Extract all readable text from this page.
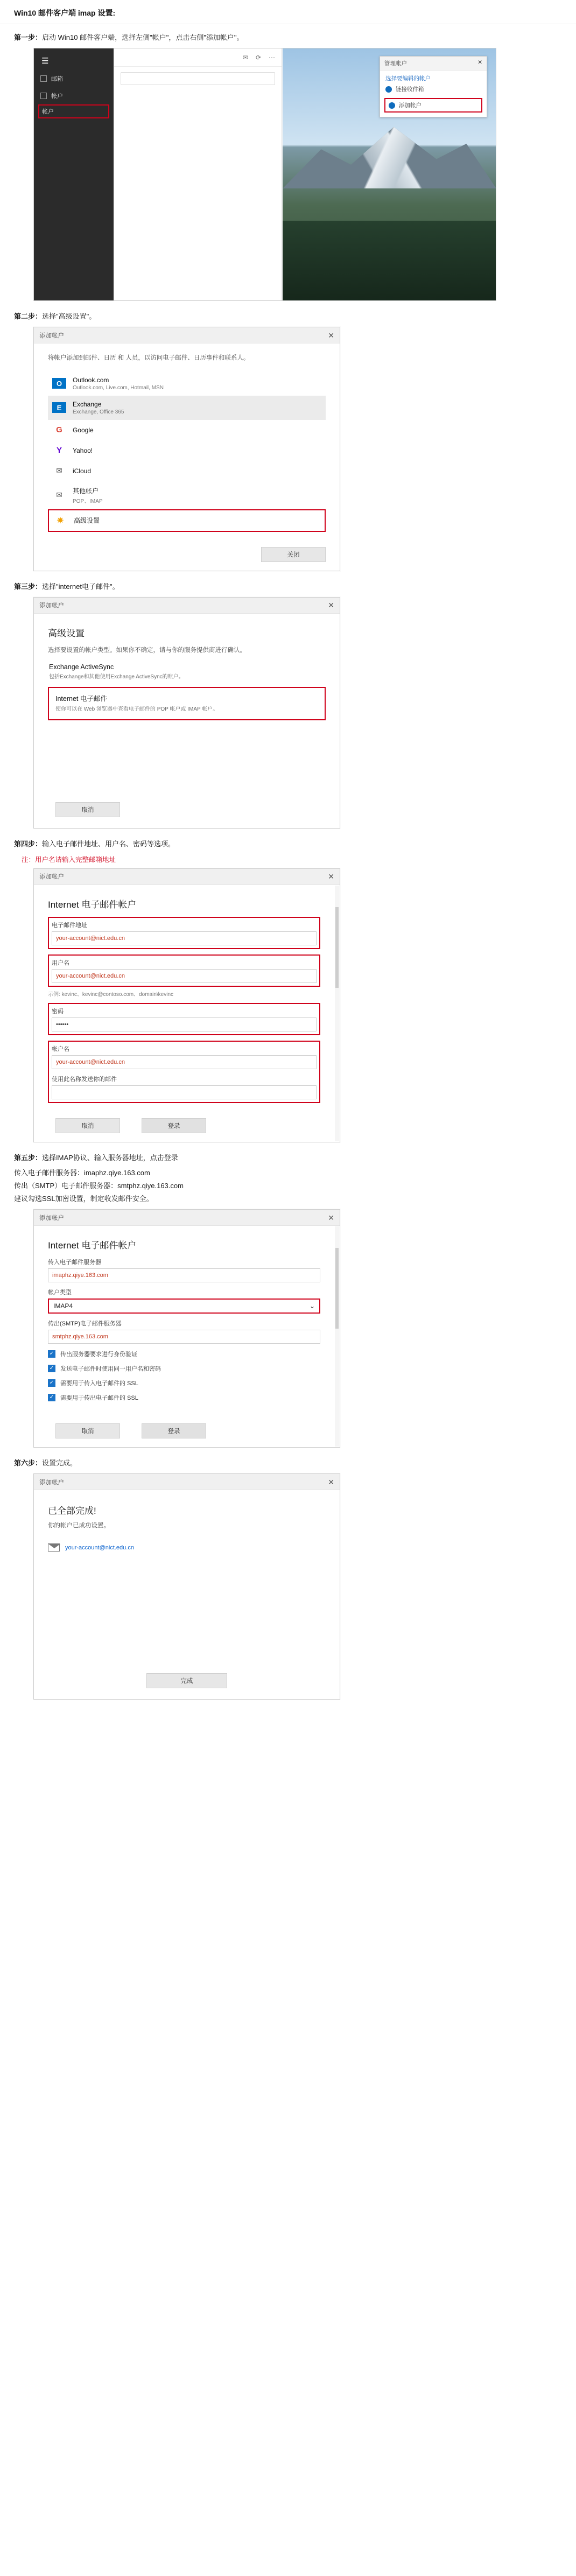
Win10 邮件客户端 imap 设置:
第一步：启动 Win10 邮件客户端，选择左侧"帐户"，点击右侧"添加帐户"。
☰
邮箱
帐户
帐户
✉ ⟳ ⋯
管理帐户	✕
选择要编辑的帐户
链接收件箱
添加帐户
第二步：选择"高级设置"。
添加帐户	✕
将帐户添加到邮件、日历 和 人员，以访问电子邮件、日历事件和联系人。
O	Outlook.com
Outlook.com, Live.com, Hotmail, MSN
E	Exchange
Exchange, Office 365
G	Google
Y	Yahoo!
✉	iCloud
✉	其他帐户
POP、IMAP
✷	高级设置
关闭
第三步：选择"internet电子邮件"。
添加帐户	✕
高级设置
选择要设置的帐户类型。如果你不确定，请与你的服务提供商进行确认。
Exchange ActiveSync
包括Exchange和其他使用Exchange ActiveSync的账户。
Internet 电子邮件
使你可以在 Web 浏览器中查看电子邮件的 POP 帐户或 IMAP 帐户。
取消
第四步：输入电子邮件地址、用户名、密码等选项。
注：用户名请输入完整邮箱地址
添加帐户	✕
Internet 电子邮件帐户
电子邮件地址
your-account@nict.edu.cn
用户名
your-account@nict.edu.cn
示例: kevinc、kevinc@contoso.com、domain\kevinc
密码
••••••
帐户名
your-account@nict.edu.cn
使用此名称发送你的邮件
取消	登录
第五步：选择IMAP协议、输入服务器地址，点击登录
传入电子邮件服务器：imaphz.qiye.163.com
传出（SMTP）电子邮件服务器：smtphz.qiye.163.com
建议勾选SSL加密设置，制定收发邮件安全。
添加帐户	✕
Internet 电子邮件帐户
传入电子邮件服务器
imaphz.qiye.163.com
帐户类型
IMAP4	⌄
传出(SMTP)电子邮件服务器
smtphz.qiye.163.com
✓ 传出服务器要求进行身份验证
✓ 发送电子邮件时使用同一用户名和密码
✓ 需要用于传入电子邮件的 SSL
✓ 需要用于传出电子邮件的 SSL
取消	登录
第六步：设置完成。
添加帐户	✕
已全部完成!
你的帐户已成功设置。
your-account@nict.edu.cn
完成
